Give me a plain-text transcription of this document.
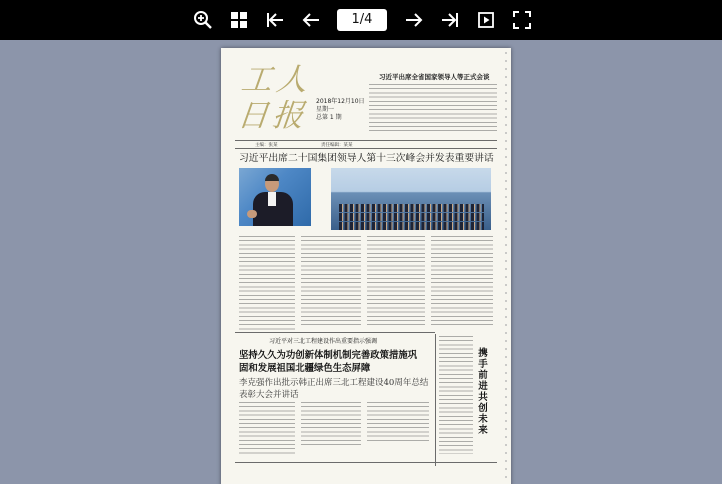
1/4
工人
日报	2018年12月10日
星期一
总第 1 期
习近平出席全省国家领导人等正式会谈
主编：张某	责任编辑：某某
习近平出席二十国集团领导人第十三次峰会并发表重要讲话
习近平对三北工程建设作出重要指示强调
坚持久久为功创新体制机制完善政策措施巩
固和发展祖国北疆绿色生态屏障
李克强作出批示韩正出席三北工程建设40周年总结
表彰大会并讲话
携手前进 共创未来
